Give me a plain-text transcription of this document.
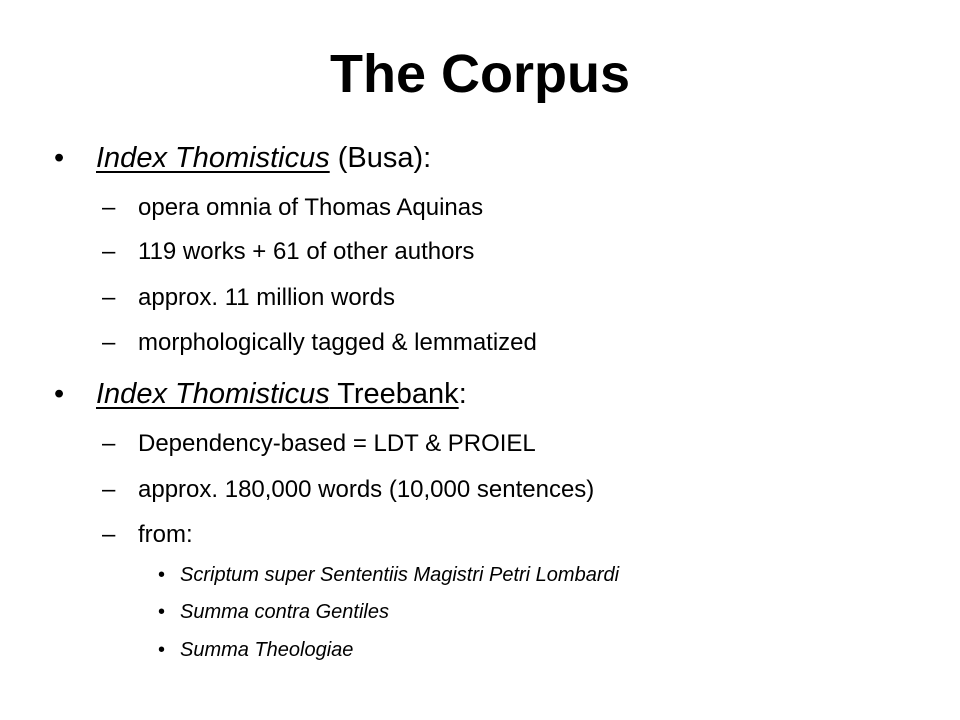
The Corpus
• Index Thomisticus (Busa):
– opera omnia of Thomas Aquinas
– 119 works + 61 of other authors
– approx. 11 million words
– morphologically tagged & lemmatized
• Index Thomisticus Treebank:
– Dependency-based = LDT & PROIEL
– approx. 180,000 words (10,000 sentences)
– from:
• Scriptum super Sententiis Magistri Petri Lombardi
• Summa contra Gentiles
• Summa Theologiae
